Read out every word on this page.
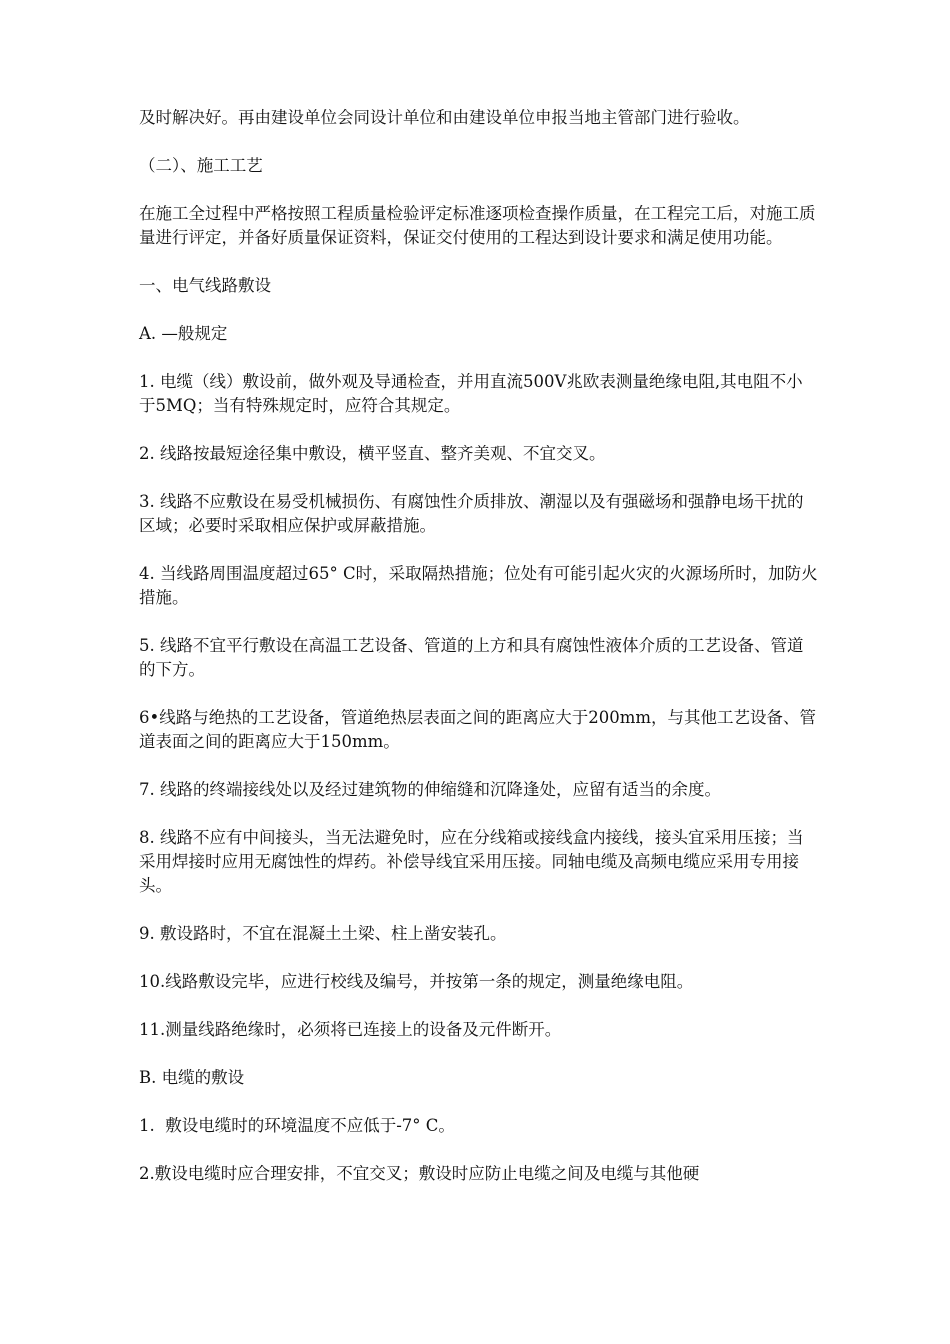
及时解决好。再由建设单位会同设计单位和由建设单位申报当地主管部门进行验收。

（二）、施工工艺

在施工全过程中严格按照工程质量检验评定标准逐项检查操作质量，在工程完工后，对施工质量进行评定，并备好质量保证资料，保证交付使用的工程达到设计要求和满足使用功能。

一、电气线路敷设

A. —般规定

1. 电缆（线）敷设前，做外观及导通检查，并用直流500V兆欧表测量绝缘电阻,其电阻不小于5MQ；当有特殊规定时，应符合其规定。

2. 线路按最短途径集中敷设，横平竖直、整齐美观、不宜交叉。

3. 线路不应敷设在易受机械损伤、有腐蚀性介质排放、潮湿以及有强磁场和强静电场干扰的区域；必要时采取相应保护或屏蔽措施。

4. 当线路周围温度超过65° C时，采取隔热措施；位处有可能引起火灾的火源场所时，加防火措施。

5. 线路不宜平行敷设在高温工艺设备、管道的上方和具有腐蚀性液体介质的工艺设备、管道的下方。

6•线路与绝热的工艺设备，管道绝热层表面之间的距离应大于200mm，与其他工艺设备、管道表面之间的距离应大于150mm。

7. 线路的终端接线处以及经过建筑物的伸缩缝和沉降逢处，应留有适当的余度。

8. 线路不应有中间接头，当无法避免时，应在分线箱或接线盒内接线，接头宜采用压接；当采用焊接时应用无腐蚀性的焊药。补偿导线宜采用压接。同轴电缆及高频电缆应采用专用接头。

9. 敷设路时，不宜在混凝土土梁、柱上凿安装孔。

10.线路敷设完毕，应进行校线及编号，并按第一条的规定，测量绝缘电阻。

11.测量线路绝缘时，必须将已连接上的设备及元件断开。

B. 电缆的敷设

1.  敷设电缆时的环境温度不应低于-7° C。

2.敷设电缆时应合理安排，不宜交叉；敷设时应防止电缆之间及电缆与其他硬
